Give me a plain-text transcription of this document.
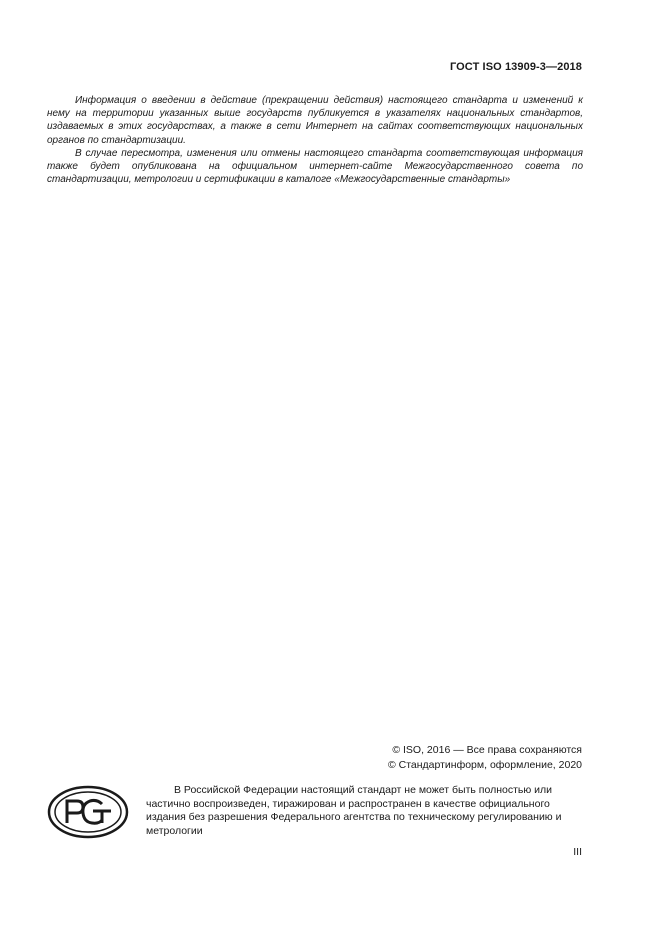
ГОСТ ISO 13909-3—2018

Информация о введении в действие (прекращении действия) настоящего стандарта и изменений к нему на территории указанных выше государств публикуется в указателях национальных стандартов, издаваемых в этих государствах, а также в сети Интернет на сайтах соответствующих национальных органов по стандартизации.

В случае пересмотра, изменения или отмены настоящего стандарта соответствующая информация также будет опубликована на официальном интернет-сайте Межгосударственного совета по стандартизации, метрологии и сертификации в каталоге «Межгосударственные стандарты»

© ISO, 2016 — Все права сохраняются
© Стандартинформ, оформление, 2020

В Российской Федерации настоящий стандарт не может быть полностью или частично воспроизведен, тиражирован и распространен в качестве официального издания без разрешения Федерального агентства по техническому регулированию и метрологии

III
